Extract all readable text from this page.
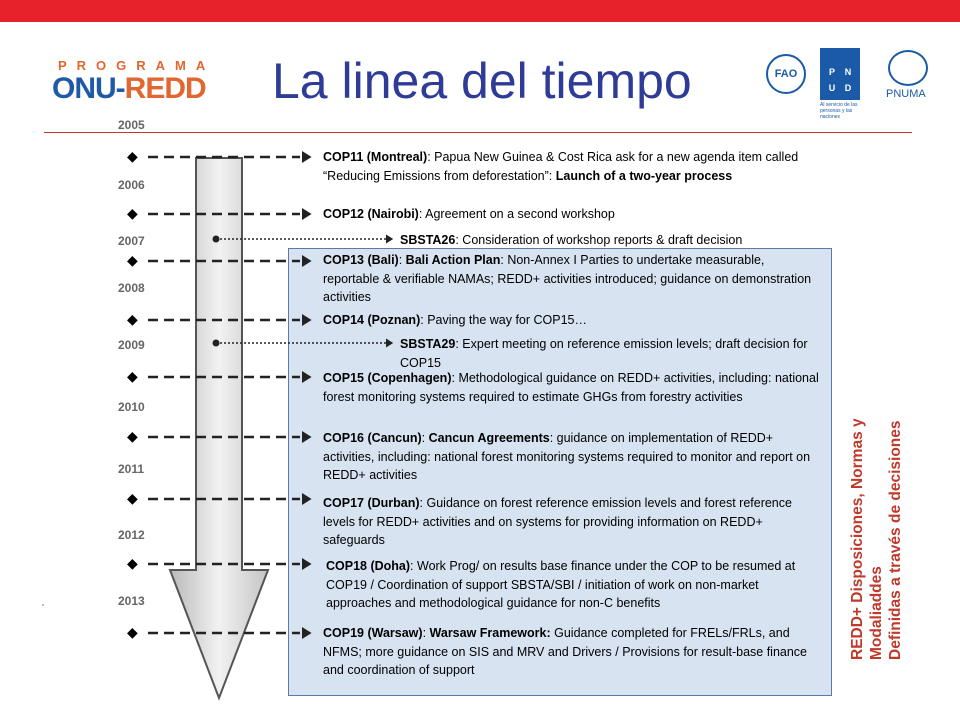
PROGRAMA
ONU-REDD La linea del tiempo	FAO	P N
U D
Al servicio de las personas y las naciones
PNUMA
2005
2006
2007
2008
2009
2010
2011
2012
2013
◆
◆
◆
◆
◆
◆
◆
◆
◆
COP11 (Montreal): Papua New Guinea & Cost Rica ask for a new agenda item called “Reducing Emissions from deforestation”: Launch of a two-year process
COP12 (Nairobi): Agreement on a second workshop
SBSTA26: Consideration of workshop reports & draft decision
COP13 (Bali): Bali Action Plan: Non-Annex I Parties to undertake measurable, reportable & verifiable NAMAs; REDD+ activities introduced; guidance on demonstration activities
COP14 (Poznan): Paving the way for COP15…
SBSTA29: Expert meeting on reference emission levels; draft decision for COP15
COP15 (Copenhagen): Methodological guidance on REDD+ activities, including: national forest monitoring systems required to estimate GHGs from forestry activities
COP16 (Cancun): Cancun Agreements: guidance on implementation of REDD+ activities, including: national forest monitoring systems required to monitor and report on REDD+ activities
COP17 (Durban): Guidance on forest reference emission levels and forest reference levels for REDD+ activities and on systems for providing information on REDD+ safeguards
COP18 (Doha): Work Prog/ on results base finance under the COP to be resumed at COP19 / Coordination of support SBSTA/SBI / initiation of work on non-market approaches and methodological guidance for non-C benefits
COP19 (Warsaw): Warsaw Framework: Guidance completed for FRELs/FRLs, and NFMS; more guidance on SIS and MRV and Drivers / Provisions for result-base finance and coordination of support
REDD+ Disposiciones, Normas y Modaliaddes Definidas a través de decisiones
